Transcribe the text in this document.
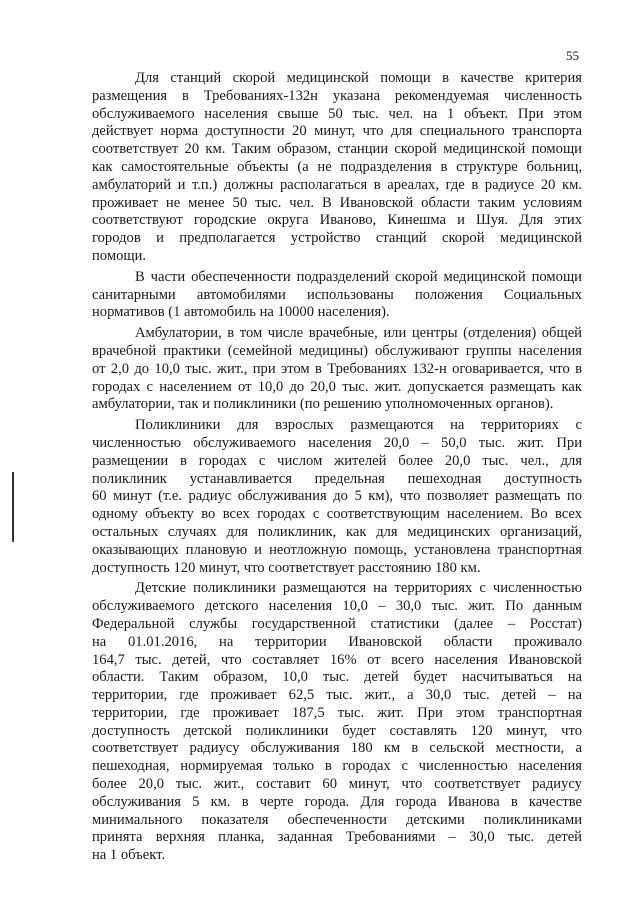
55
Для станций скорой медицинской помощи в качестве критерия
размещения в Требованиях-132н указана рекомендуемая численность
обслуживаемого населения свыше 50 тыс. чел. на 1 объект. При этом
действует норма доступности 20 минут, что для специального транспорта
соответствует 20 км. Таким образом, станции скорой медицинской помощи
как самостоятельные объекты (а не подразделения в структуре больниц,
амбулаторий и т.п.) должны располагаться в ареалах, где в радиусе 20 км.
проживает не менее 50 тыс. чел. В Ивановской области таким условиям
соответствуют городские округа Иваново, Кинешма и Шуя. Для этих
городов и предполагается устройство станций скорой медицинской
помощи.
В части обеспеченности подразделений скорой медицинской помощи
санитарными автомобилями использованы положения Социальных
нормативов (1 автомобиль на 10000 населения).
Амбулатории, в том числе врачебные, или центры (отделения) общей
врачебной практики (семейной медицины) обслуживают группы населения
от 2,0 до 10,0 тыс. жит., при этом в Требованиях 132-н оговаривается, что в
городах с населением от 10,0 до 20,0 тыс. жит. допускается размещать как
амбулатории, так и поликлиники (по решению уполномоченных органов).
Поликлиники для взрослых размещаются на территориях с
численностью обслуживаемого населения 20,0 – 50,0 тыс. жит. При
размещении в городах с числом жителей более 20,0 тыс. чел., для
поликлиник устанавливается предельная пешеходная доступность
60 минут (т.е. радиус обслуживания до 5 км), что позволяет размещать по
одному объекту во всех городах с соответствующим населением. Во всех
остальных случаях для поликлиник, как для медицинских организаций,
оказывающих плановую и неотложную помощь, установлена транспортная
доступность 120 минут, что соответствует расстоянию 180 км.
Детские поликлиники размещаются на территориях с численностью
обслуживаемого детского населения 10,0 – 30,0 тыс. жит. По данным
Федеральной службы государственной статистики (далее – Росстат)
на 01.01.2016, на территории Ивановской области проживало
164,7 тыс. детей, что составляет 16% от всего населения Ивановской
области. Таким образом, 10,0 тыс. детей будет насчитываться на
территории, где проживает 62,5 тыс. жит., а 30,0 тыс. детей – на
территории, где проживает 187,5 тыс. жит. При этом транспортная
доступность детской поликлиники будет составлять 120 минут, что
соответствует радиусу обслуживания 180 км в сельской местности, а
пешеходная, нормируемая только в городах с численностью населения
более 20,0 тыс. жит., составит 60 минут, что соответствует радиусу
обслуживания 5 км. в черте города. Для города Иванова в качестве
минимального показателя обеспеченности детскими поликлиниками
принята верхняя планка, заданная Требованиями – 30,0 тыс. детей
на 1 объект.
